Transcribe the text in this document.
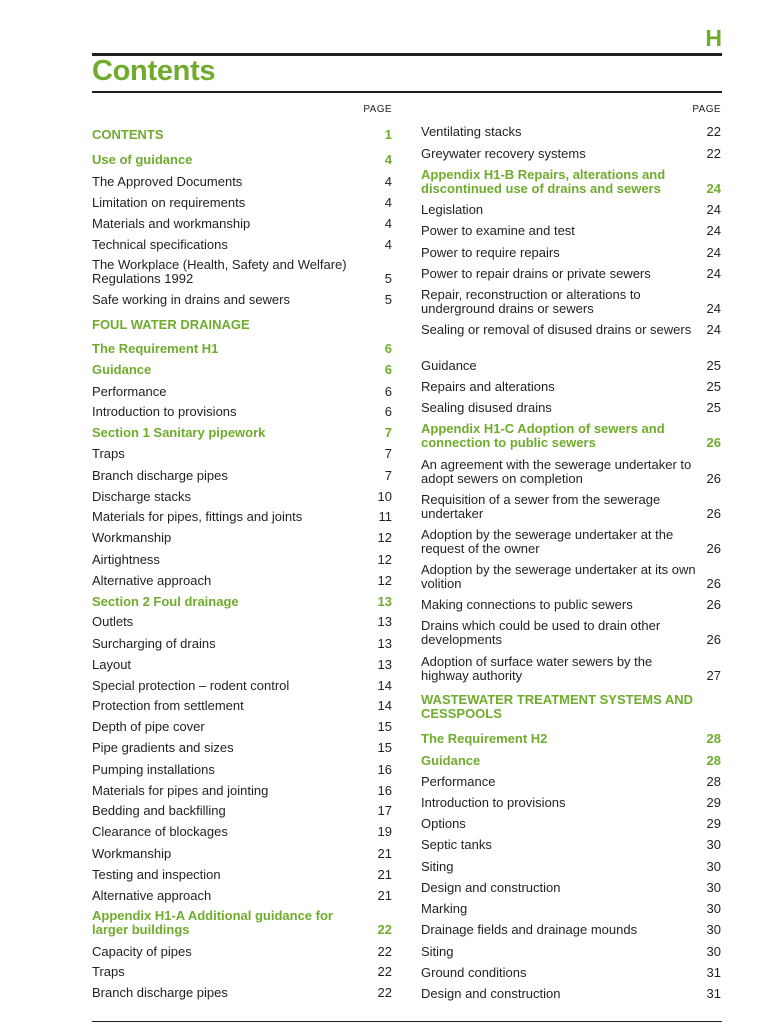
H
Contents
PAGE
CONTENTS	1
Use of guidance	4
The Approved Documents	4
Limitation on requirements	4
Materials and workmanship	4
Technical specifications	4
The Workplace (Health, Safety and Welfare) Regulations 1992	5
Safe working in drains and sewers	5
FOUL WATER DRAINAGE
The Requirement H1	6
Guidance	6
Performance	6
Introduction to provisions	6
Section 1 Sanitary pipework	7
Traps	7
Branch discharge pipes	7
Discharge stacks	10
Materials for pipes, fittings and joints	11
Workmanship	12
Airtightness	12
Alternative approach	12
Section 2 Foul drainage	13
Outlets	13
Surcharging of drains	13
Layout	13
Special protection – rodent control	14
Protection from settlement	14
Depth of pipe cover	15
Pipe gradients and sizes	15
Pumping installations	16
Materials for pipes and jointing	16
Bedding and backfilling	17
Clearance of blockages	19
Workmanship	21
Testing and inspection	21
Alternative approach	21
Appendix H1-A Additional guidance for larger buildings	22
Capacity of pipes	22
Traps	22
Branch discharge pipes	22
PAGE
Ventilating stacks	22
Greywater recovery systems	22
Appendix H1-B Repairs, alterations and discontinued use of drains and sewers	24
Legislation	24
Power to examine and test	24
Power to require repairs	24
Power to repair drains or private sewers	24
Repair, reconstruction or alterations to underground drains or sewers	24
Sealing or removal of disused drains or sewers	24
Guidance	25
Repairs and alterations	25
Sealing disused drains	25
Appendix H1-C Adoption of sewers and connection to public sewers	26
An agreement with the sewerage undertaker to adopt sewers on completion	26
Requisition of a sewer from the sewerage undertaker	26
Adoption by the sewerage undertaker at the request of the owner	26
Adoption by the sewerage undertaker at its own volition	26
Making connections to public sewers	26
Drains which could be used to drain other developments	26
Adoption of surface water sewers by the highway authority	27
WASTEWATER TREATMENT SYSTEMS AND CESSPOOLS
The Requirement H2	28
Guidance	28
Performance	28
Introduction to provisions	29
Options	29
Septic tanks	30
Siting	30
Design and construction	30
Marking	30
Drainage fields and drainage mounds	30
Siting	30
Ground conditions	31
Design and construction	31
